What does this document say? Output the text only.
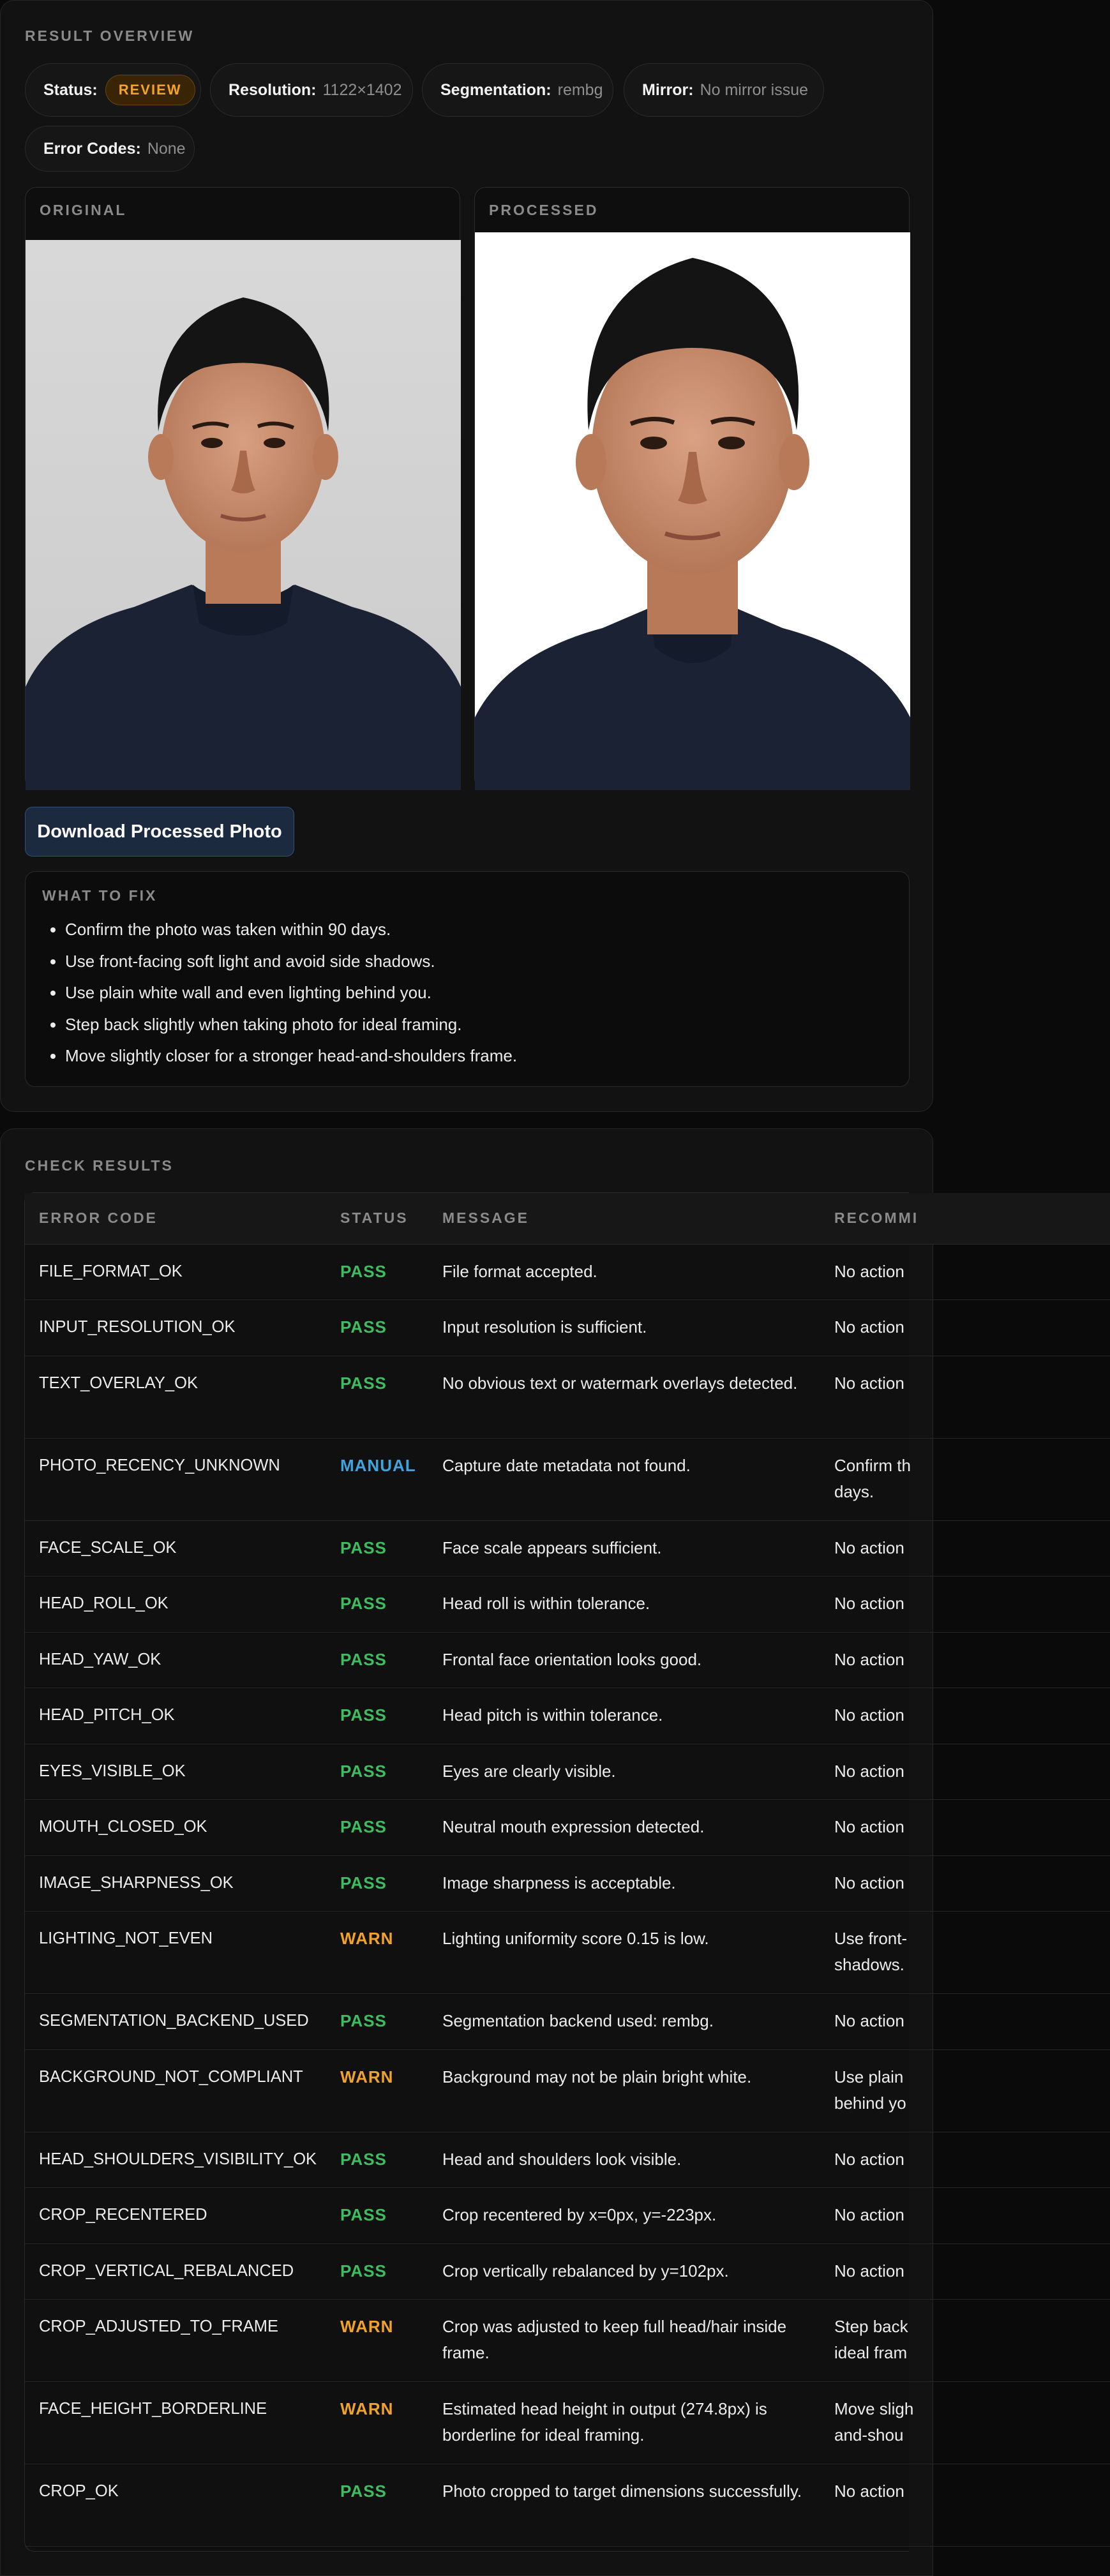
RESULT OVERVIEW
Status:	REVIEW	Resolution: 1122×1402 Segmentation: rembg Mirror: No mirror issue
Error Codes: None
ORIGINAL	PROCESSED
Download Processed Photo
WHAT TO FIX
• Confirm the photo was taken within 90 days.
• Use front-facing soft light and avoid side shadows.
• Use plain white wall and even lighting behind you.
• Step back slightly when taking photo for ideal framing.
• Move slightly closer for a stronger head-and-shoulders frame.
CHECK RESULTS
ERROR CODE	STATUS	MESSAGE	RECOMMI
FILE_FORMAT_OK	PASS	File format accepted.	No action

INPUT_RESOLUTION_OK	PASS	Input resolution is sufficient.	No action

TEXT_OVERLAY_OK	PASS	No obvious text or watermark overlays detected.	No action

PHOTO_RECENCY_UNKNOWN	MANUAL	Capture date metadata not found.	Confirm th
days.

FACE_SCALE_OK	PASS	Face scale appears sufficient.	No action

HEAD_ROLL_OK	PASS	Head roll is within tolerance.	No action

HEAD_YAW_OK	PASS	Frontal face orientation looks good.	No action

HEAD_PITCH_OK	PASS	Head pitch is within tolerance.	No action

EYES_VISIBLE_OK	PASS	Eyes are clearly visible.	No action

MOUTH_CLOSED_OK	PASS	Neutral mouth expression detected.	No action

IMAGE_SHARPNESS_OK	PASS	Image sharpness is acceptable.	No action

LIGHTING_NOT_EVEN	WARN	Lighting uniformity score 0.15 is low.	Use front-
shadows.

SEGMENTATION_BACKEND_USED	PASS	Segmentation backend used: rembg.	No action

BACKGROUND_NOT_COMPLIANT	WARN	Background may not be plain bright white.	Use plain
behind yo

HEAD_SHOULDERS_VISIBILITY_OK	PASS	Head and shoulders look visible.	No action

CROP_RECENTERED	PASS	Crop recentered by x=0px, y=-223px.	No action

CROP_VERTICAL_REBALANCED	PASS	Crop vertically rebalanced by y=102px.	No action

CROP_ADJUSTED_TO_FRAME	WARN	Crop was adjusted to keep full head/hair inside frame.	Step back
ideal fram

FACE_HEIGHT_BORDERLINE	WARN	Estimated head height in output (274.8px) is borderline for ideal framing.	Move sligh
and-shou

CROP_OK	PASS	Photo cropped to target dimensions successfully.	No action
